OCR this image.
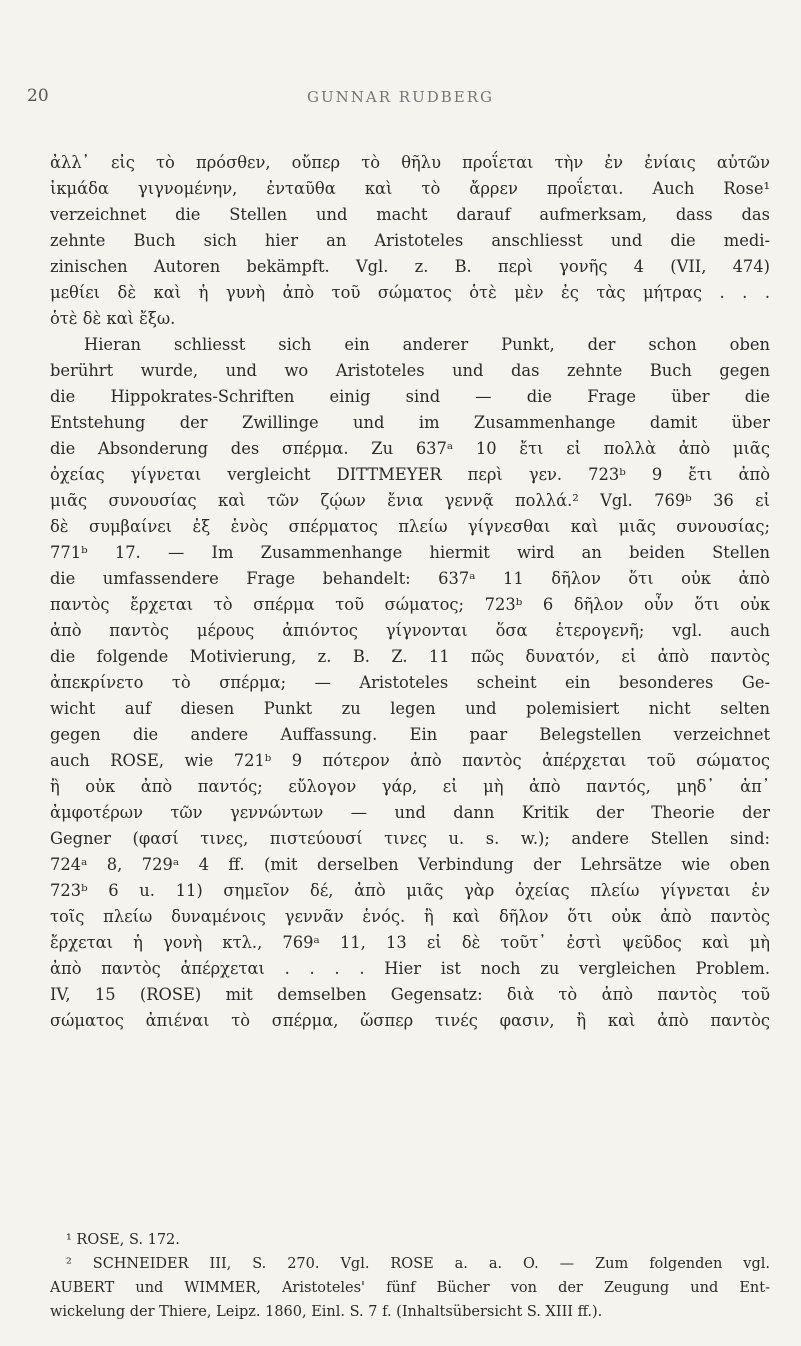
20	GUNNAR RUDBERG
ἀλλ᾽ εἰς τὸ πρόσθεν, οὔπερ τὸ θῆλυ προΐεται τὴν ἐν ἐνίαις αὐτῶν
ἰκμάδα γιγνομένην, ἐνταῦθα καὶ τὸ ἄρρεν προΐεται. Auch Rose¹
verzeichnet die Stellen und macht darauf aufmerksam, dass das
zehnte Buch sich hier an Aristoteles anschliesst und die medi-
zinischen Autoren bekämpft. Vgl. z. B. περὶ γονῆς 4 (VII, 474)
μεθίει δὲ καὶ ἡ γυνὴ ἀπὸ τοῦ σώματος ὁτὲ μὲν ἐς τὰς μήτρας . . .
ὁτὲ δὲ καὶ ἔξω.
Hieran schliesst sich ein anderer Punkt, der schon oben
berührt wurde, und wo Aristoteles und das zehnte Buch gegen
die Hippokrates-Schriften einig sind — die Frage über die
Entstehung der Zwillinge und im Zusammenhange damit über
die Absonderung des σπέρμα. Zu 637ᵃ 10 ἔτι εἰ πολλὰ ἀπὸ μιᾶς
ὀχείας γίγνεται vergleicht DITTMEYER περὶ γεν. 723ᵇ 9 ἔτι ἀπὸ
μιᾶς συνουσίας καὶ τῶν ζῴων ἔνια γεννᾷ πολλά.² Vgl. 769ᵇ 36 εἰ
δὲ συμβαίνει ἐξ ἑνὸς σπέρματος πλείω γίγνεσθαι καὶ μιᾶς συνουσίας;
771ᵇ 17. — Im Zusammenhange hiermit wird an beiden Stellen
die umfassendere Frage behandelt: 637ᵃ 11 δῆλον ὅτι οὐκ ἀπὸ
παντὸς ἔρχεται τὸ σπέρμα τοῦ σώματος; 723ᵇ 6 δῆλον οὖν ὅτι οὐκ
ἀπὸ παντὸς μέρους ἀπιόντος γίγνονται ὅσα ἑτερογενῆ; vgl. auch
die folgende Motivierung, z. B. Z. 11 πῶς δυνατόν, εἰ ἀπὸ παντὸς
ἀπεκρίνετο τὸ σπέρμα; — Aristoteles scheint ein besonderes Ge-
wicht auf diesen Punkt zu legen und polemisiert nicht selten
gegen die andere Auffassung. Ein paar Belegstellen verzeichnet
auch ROSE, wie 721ᵇ 9 πότερον ἀπὸ παντὸς ἀπέρχεται τοῦ σώματος
ἢ οὐκ ἀπὸ παντός; εὔλογον γάρ, εἰ μὴ ἀπὸ παντός, μηδ᾽ ἀπ᾽
ἀμφοτέρων τῶν γεννώντων — und dann Kritik der Theorie der
Gegner (φασί τινες, πιστεύουσί τινες u. s. w.); andere Stellen sind:
724ᵃ 8, 729ᵃ 4 ff. (mit derselben Verbindung der Lehrsätze wie oben
723ᵇ 6 u. 11) σημεῖον δέ, ἀπὸ μιᾶς γὰρ ὀχείας πλείω γίγνεται ἐν
τοῖς πλείω δυναμένοις γεννᾶν ἑνός. ἢ καὶ δῆλον ὅτι οὐκ ἀπὸ παντὸς
ἔρχεται ἡ γονὴ κτλ., 769ᵃ 11, 13 εἰ δὲ τοῦτ᾽ ἐστὶ ψεῦδος καὶ μὴ
ἀπὸ παντὸς ἀπέρχεται . . . . Hier ist noch zu vergleichen Problem.
IV, 15 (ROSE) mit demselben Gegensatz: διὰ τὸ ἀπὸ παντὸς τοῦ
σώματος ἀπιέναι τὸ σπέρμα, ὥσπερ τινές φασιν, ἢ καὶ ἀπὸ παντὸς
¹ ROSE, S. 172.
² SCHNEIDER III, S. 270. Vgl. ROSE a. a. O. — Zum folgenden vgl.
AUBERT und WIMMER, Aristoteles' fünf Bücher von der Zeugung und Ent-
wickelung der Thiere, Leipz. 1860, Einl. S. 7 f. (Inhaltsübersicht S. XIII ff.).
